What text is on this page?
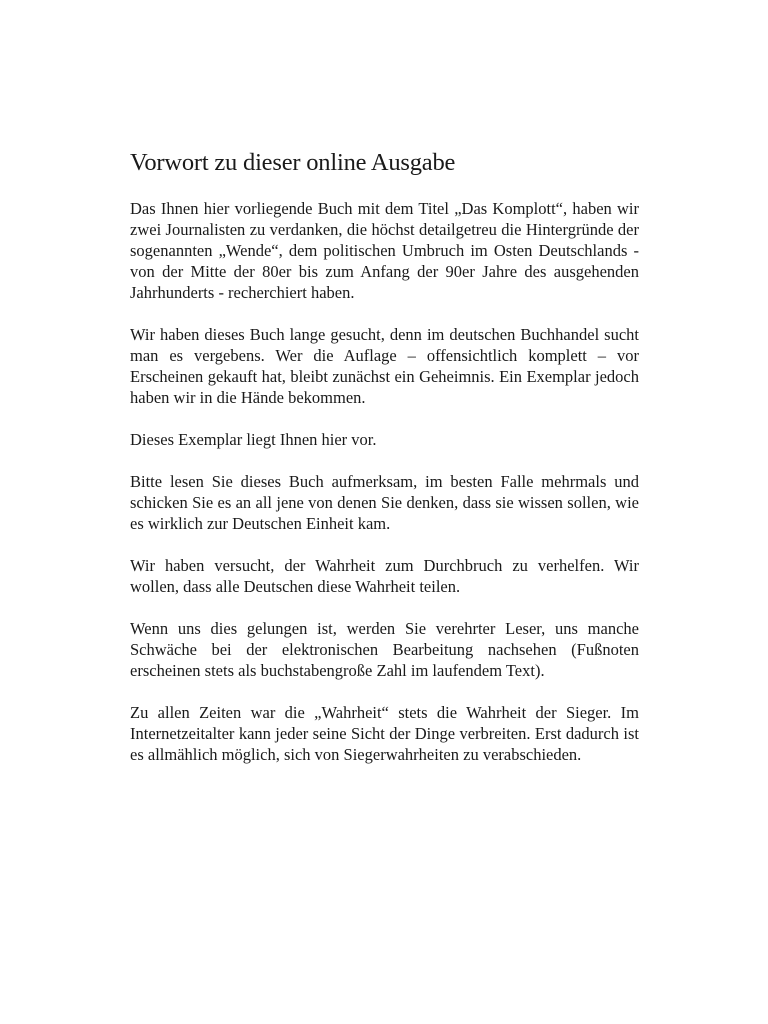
Vorwort zu dieser online Ausgabe

Das Ihnen hier vorliegende Buch mit dem Titel „Das Komplott“, haben wir zwei Journalisten zu verdanken, die höchst detailgetreu die Hintergründe der sogenannten „Wende“, dem politischen Umbruch im Osten Deutschlands - von der Mitte der 80er bis zum Anfang der 90er Jahre des ausgehenden Jahrhunderts - recherchiert haben.

Wir haben dieses Buch lange gesucht, denn im deutschen Buchhandel sucht man es vergebens. Wer die Auflage – offensichtlich komplett – vor Erscheinen gekauft hat, bleibt zunächst ein Geheimnis. Ein Exemplar jedoch haben wir in die Hände bekommen.

Dieses Exemplar liegt Ihnen hier vor.

Bitte lesen Sie dieses Buch aufmerksam, im besten Falle mehrmals und schicken Sie es an all jene von denen Sie denken, dass sie wissen sollen, wie es wirklich zur Deutschen Einheit kam.

Wir haben versucht, der Wahrheit zum Durchbruch zu verhelfen. Wir wollen, dass alle Deutschen diese Wahrheit teilen.

Wenn uns dies gelungen ist, werden Sie verehrter Leser, uns manche Schwäche bei der elektronischen Bearbeitung nachsehen (Fußnoten erscheinen stets als buchstabengroße Zahl im laufendem Text).

Zu allen Zeiten war die „Wahrheit“ stets die Wahrheit der Sieger. Im Internetzeitalter kann jeder seine Sicht der Dinge verbreiten. Erst dadurch ist es allmählich möglich, sich von Siegerwahrheiten zu verabschieden.
